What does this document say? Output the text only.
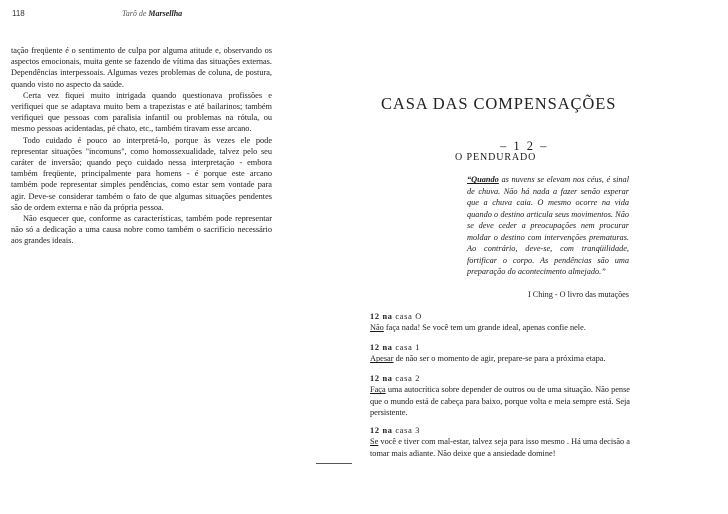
118	Tarô de Marsellha

tação freqüente é o sentimento de culpa por alguma atitude e, observando os aspectos emocionais, muita gente se fazendo de vítima das situações externas. Dependências interpessoais. Algumas vezes problemas de coluna, de postura, quando visto no aspecto da saúde.

Certa vez fiquei muito intrigada quando questionava profissões e verifiquei que se adaptava muito bem a trapezistas e até bailarinos; também verifiquei que pessoas com paralisia infantil ou problemas na rótula, ou mesmo pessoas acidentadas, pé chato, etc., também tiravam esse arcano.

Todo cuidado é pouco ao interpretá-lo, porque às vezes ele pode representar situações "incomuns", como homossexualidade, talvez pelo seu caráter de inversão; quando peço cuidado nessa interpretação - embora também freqüente, principalmente para homens - é porque este arcano também pode representar simples pendências, como estar sem vontade para agir. Deve-se considerar também o fato de que algumas situações pendentes são de ordem externa e não da própria pessoa.

Não esquecer que, conforme as características, também pode representar não só a dedicação a uma causa nobre como também o sacrifício necessário aos grandes ideais.

CASA DAS COMPENSAÇÕES
– 1 2 –
O PENDURADO

“Quando as nuvens se elevam nos céus, é sinal de chuva. Não há nada a fazer senão esperar que a chuva caia. O mesmo ocorre na vida quando o destino articula seus movimentos. Não se deve ceder a preocupações nem procurar moldar o destino com intervenções prematuras. Ao contrário, deve-se, com tranqüilidade, fortificar o corpo. As pendências são uma preparação do acontecimento almejado.”

I Ching - O livro das mutações

12 na casa O

Não faça nada! Se você tem um grande ideal, apenas confie nele.

12 na casa 1

Apesar de não ser o momento de agir, prepare-se para a próxima etapa.

12 na casa 2

Faça uma autocrítica sobre depender de outros ou de uma situação. Não pense que o mundo está de cabeça para baixo, porque volta e meia sempre está. Seja persistente.

12 na casa 3

Se você e tiver com mal-estar, talvez seja para isso mesmo . Há uma decisão a tomar mais adiante. Não deixe que a ansiedade domine!
